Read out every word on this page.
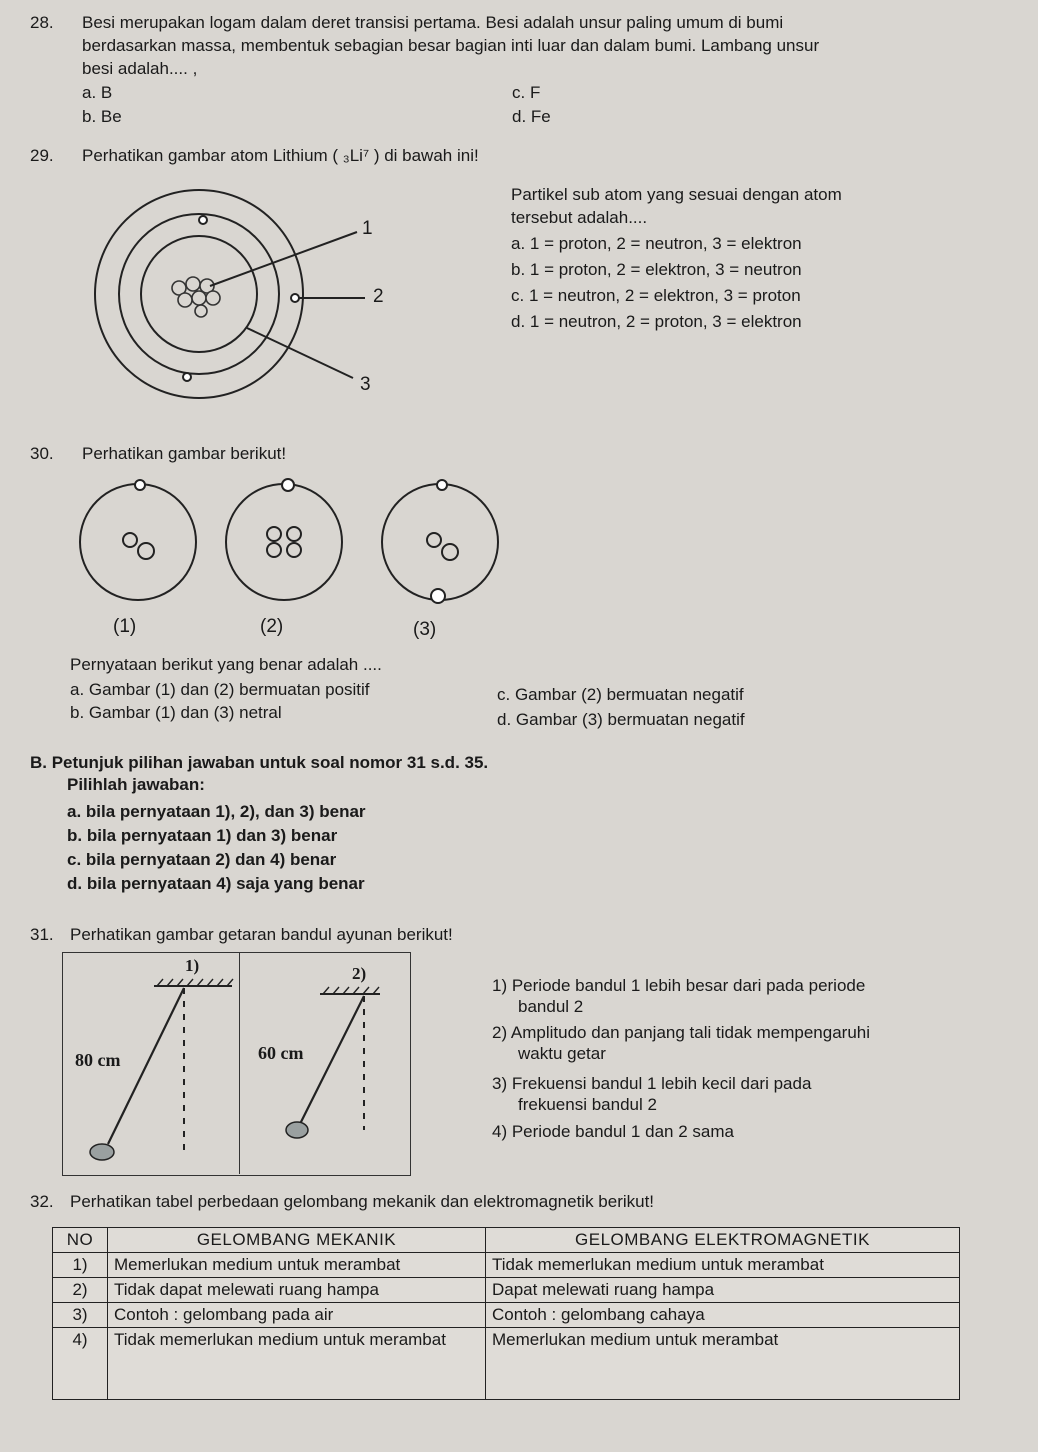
28. Besi merupakan logam dalam deret transisi pertama. Besi adalah unsur paling umum di bumi
berdasarkan massa, membentuk sebagian besar bagian inti luar dan dalam bumi. Lambang unsur
besi adalah.... ,
a. B
b. Be
c. F
d. Fe
29. Perhatikan gambar atom Lithium ( ₃Li⁷ ) di bawah ini!
1
2
3
Partikel sub atom yang sesuai dengan atom
tersebut adalah....
a. 1 = proton, 2 = neutron, 3 = elektron
b. 1 = proton, 2 = elektron, 3 = neutron
c. 1 = neutron, 2 = elektron, 3 = proton
d. 1 = neutron, 2 = proton, 3 = elektron
30. Perhatikan gambar berikut!
(1)	(2)	(3)
Pernyataan berikut yang benar adalah ....
a. Gambar (1) dan (2) bermuatan positif
b. Gambar (1) dan (3) netral
c. Gambar (2) bermuatan negatif
d. Gambar (3) bermuatan negatif
B. Petunjuk pilihan jawaban untuk soal nomor 31 s.d. 35.
Pilihlah jawaban:
a. bila pernyataan 1), 2), dan 3) benar
b. bila pernyataan 1) dan 3) benar
c. bila pernyataan 2) dan 4) benar
d. bila pernyataan 4) saja yang benar
31. Perhatikan gambar getaran bandul ayunan berikut!
1)	2)
80 cm	60 cm
1) Periode bandul 1 lebih besar dari pada periode
bandul 2
2) Amplitudo dan panjang tali tidak mempengaruhi
waktu getar
3) Frekuensi bandul 1 lebih kecil dari pada
frekuensi bandul 2
4) Periode bandul 1 dan 2 sama
32. Perhatikan tabel perbedaan gelombang mekanik dan elektromagnetik berikut!
NO	GELOMBANG MEKANIK	GELOMBANG ELEKTROMAGNETIK
1)	Memerlukan medium untuk merambat	Tidak memerlukan medium untuk merambat
2)	Tidak dapat melewati ruang hampa	Dapat melewati ruang hampa
3)	Contoh : gelombang pada air	Contoh : gelombang cahaya
4)	Tidak memerlukan medium untuk merambat	Memerlukan medium untuk merambat
